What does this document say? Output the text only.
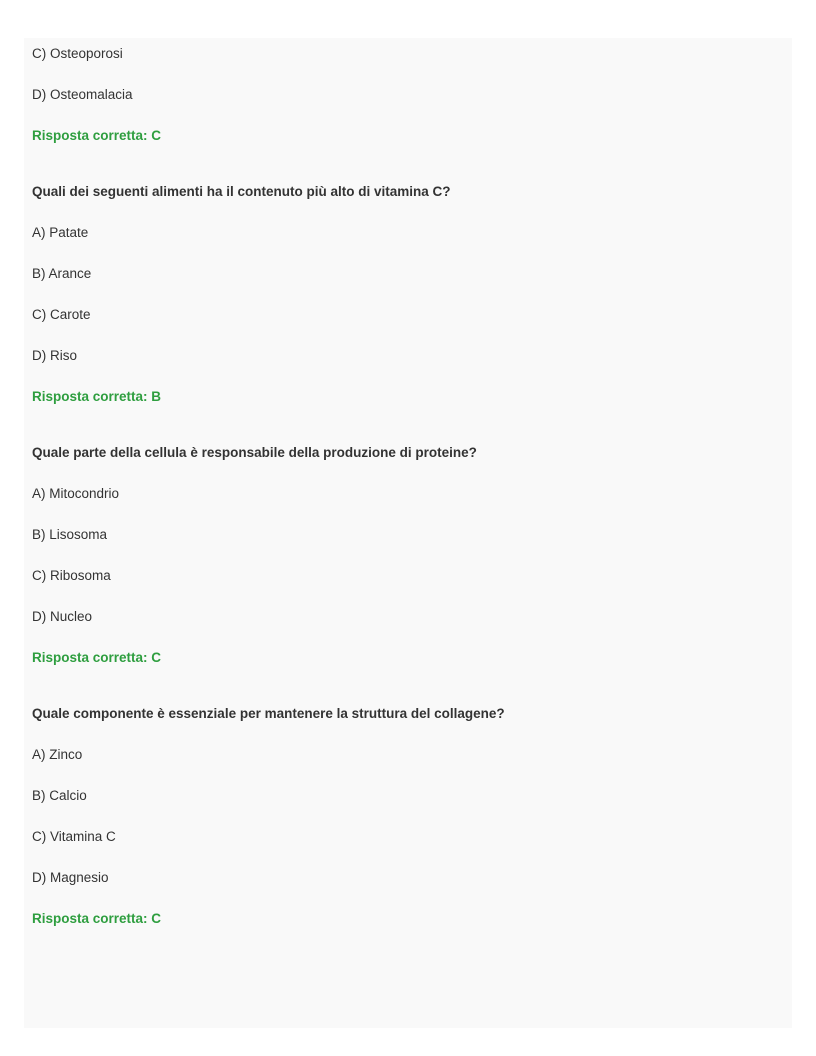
C) Osteoporosi

D) Osteomalacia

Risposta corretta: C

Quali dei seguenti alimenti ha il contenuto più alto di vitamina C?

A) Patate

B) Arance

C) Carote

D) Riso

Risposta corretta: B

Quale parte della cellula è responsabile della produzione di proteine?

A) Mitocondrio

B) Lisosoma

C) Ribosoma

D) Nucleo

Risposta corretta: C

Quale componente è essenziale per mantenere la struttura del collagene?

A) Zinco

B) Calcio

C) Vitamina C

D) Magnesio

Risposta corretta: C
